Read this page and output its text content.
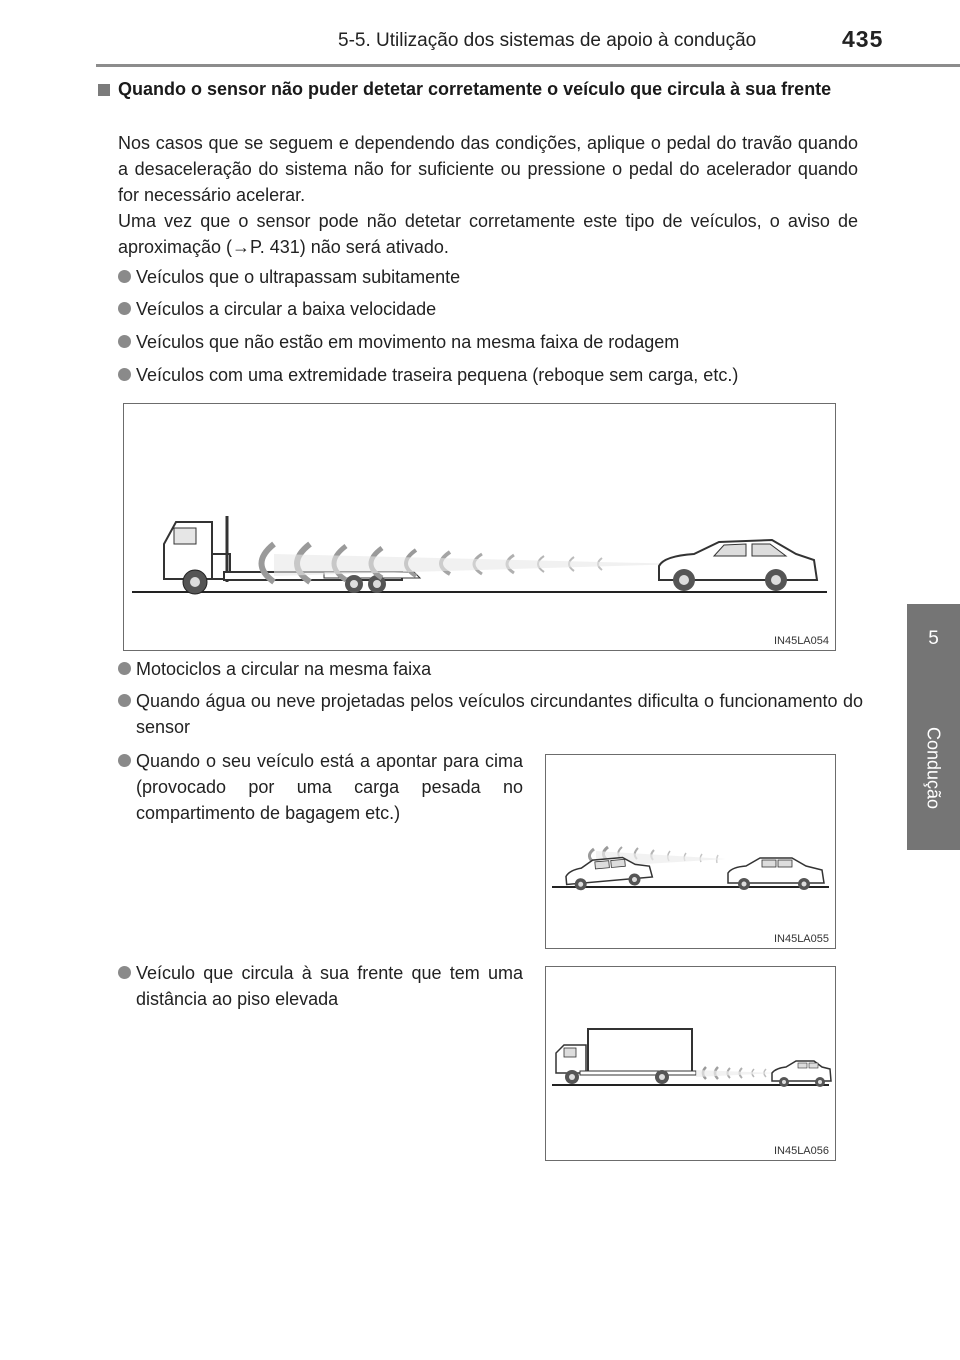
5-5. Utilização dos sistemas de apoio à condução	435
5
Condução
Quando o sensor não puder detetar corretamente o veículo que circula à sua frente
Nos casos que se seguem e dependendo das condições, aplique o pedal do travão quando a desaceleração do sistema não for suficiente ou pressione o pedal do acelerador quando for necessário acelerar.
Uma vez que o sensor pode não detetar corretamente este tipo de veículos, o aviso de aproximação (→P. 431) não será ativado.
Veículos que o ultrapassam subitamente
Veículos a circular a baixa velocidade
Veículos que não estão em movimento na mesma faixa de rodagem
Veículos com uma extremidade traseira pequena (reboque sem carga, etc.)
IN45LA054
Motociclos a circular na mesma faixa
Quando água ou neve projetadas pelos veículos circundantes dificulta o funcionamento do sensor
Quando o seu veículo está a apontar para cima (provocado por uma carga pesada no compartimento de bagagem etc.)
IN45LA055
Veículo que circula à sua frente que tem uma distância ao piso elevada
IN45LA056
